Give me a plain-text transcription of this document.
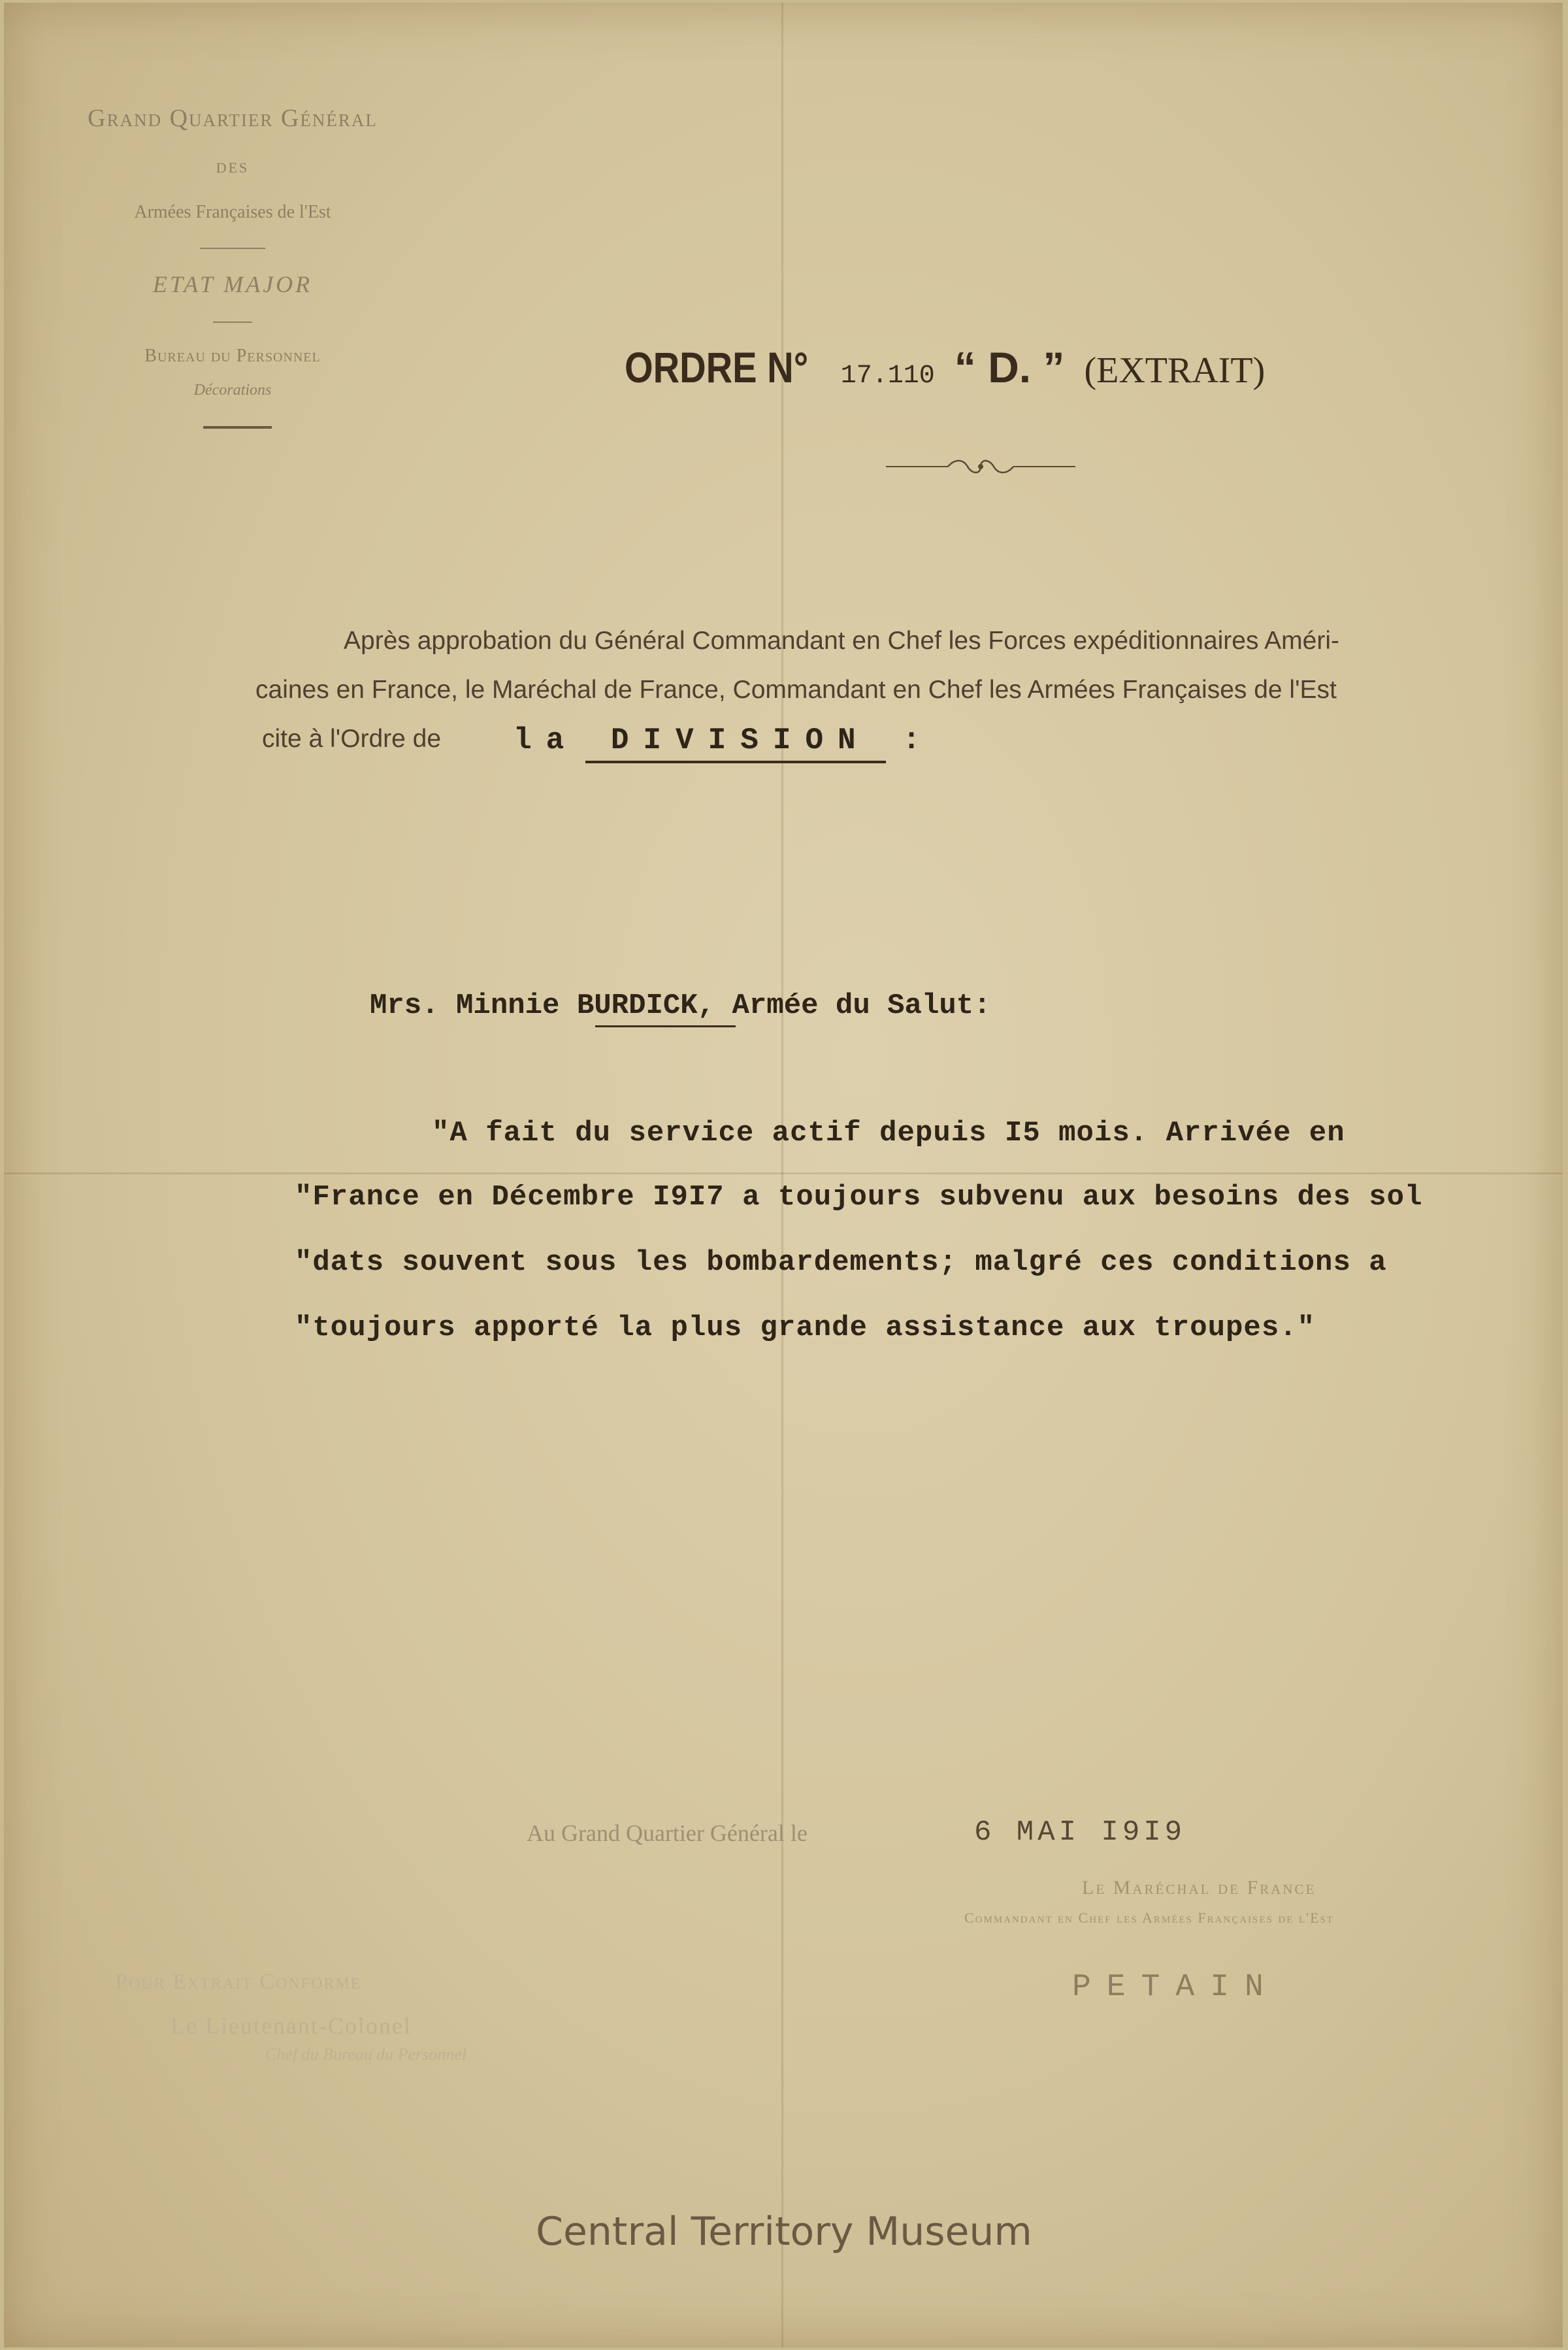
Grand Quartier Général
DES
Armées Françaises de l'Est
ETAT MAJOR
Bureau du Personnel
Décorations	ORDRE N° 17.110 “ D. ” (EXTRAIT)
Après approbation du Général Commandant en Chef les Forces expéditionnaires Améri-
caines en France, le Maréchal de France, Commandant en Chef les Armées Françaises de l'Est
cite à l'Ordre de la DIVISION :
Mrs. Minnie BURDICK, Armée du Salut:
"A fait du service actif depuis I5 mois. Arrivée en
"France en Décembre I9I7 a toujours subvenu aux besoins des sol
"dats souvent sous les bombardements; malgré ces conditions a
"toujours apporté la plus grande assistance aux troupes."
Au Grand Quartier Général le	6 MAI I9I9
Le Maréchal de France
Commandant en Chef les Armées Françaises de l'Est
PETAIN
Pour Extrait Conforme
Le Lieutenant-Colonel
Chef du Bureau du Personnel
Central Territory Museum
